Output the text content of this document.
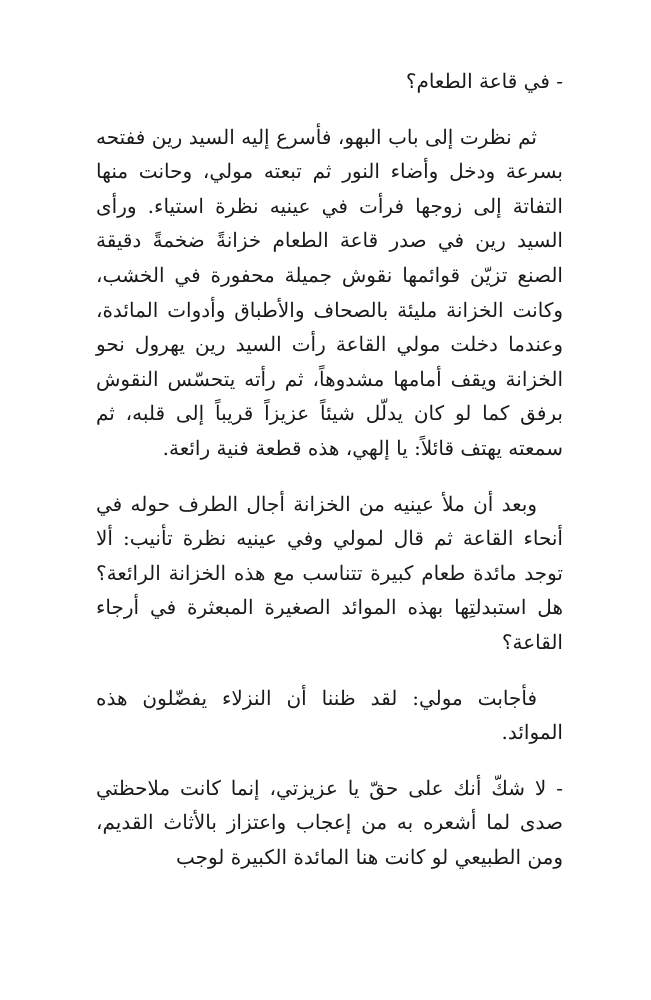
- في قاعة الطعام؟

ثم نظرت إلى باب البهو، فأسرع إليه السيد رين ففتحه بسرعة ودخل وأضاء النور ثم تبعته مولي، وحانت منها التفاتة إلى زوجها فرأت في عينيه نظرة استياء. ورأى السيد رين في صدر قاعة الطعام خزانةً ضخمةً دقيقة الصنع تزيّن قوائمها نقوش جميلة محفورة في الخشب، وكانت الخزانة مليئة بالصحاف والأطباق وأدوات المائدة، وعندما دخلت مولي القاعة رأت السيد رين يهرول نحو الخزانة ويقف أمامها مشدوهاً، ثم رأته يتحسّس النقوش برفق كما لو كان يدلّل شيئاً عزيزاً قريباً إلى قلبه، ثم سمعته يهتف قائلاً: يا إلهي، هذه قطعة فنية رائعة.

وبعد أن ملأ عينيه من الخزانة أجال الطرف حوله في أنحاء القاعة ثم قال لمولي وفي عينيه نظرة تأنيب: ألا توجد مائدة طعام كبيرة تتناسب مع هذه الخزانة الرائعة؟ هل استبدلتِها بهذه الموائد الصغيرة المبعثرة في أرجاء القاعة؟

فأجابت مولي: لقد ظننا أن النزلاء يفضّلون هذه الموائد.

- لا شكّ أنك على حقّ يا عزيزتي، إنما كانت ملاحظتي صدى لما أشعره به من إعجاب واعتزاز بالأثاث القديم، ومن الطبيعي لو كانت هنا المائدة الكبيرة لوجب
